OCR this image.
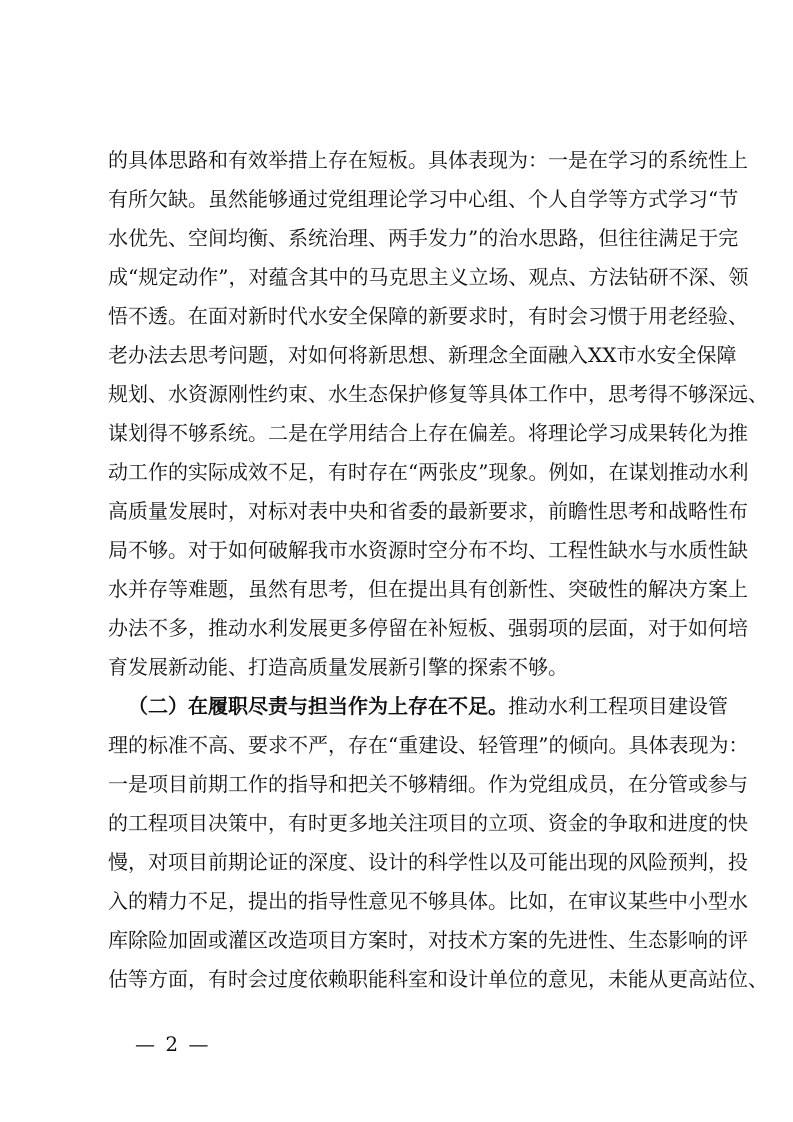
的具体思路和有效举措上存在短板。具体表现为：一是在学习的系统性上
有所欠缺。虽然能够通过党组理论学习中心组、个人自学等方式学习“节
水优先、空间均衡、系统治理、两手发力”的治水思路，但往往满足于完
成“规定动作”，对蕴含其中的马克思主义立场、观点、方法钻研不深、领
悟不透。在面对新时代水安全保障的新要求时，有时会习惯于用老经验、
老办法去思考问题，对如何将新思想、新理念全面融入XX市水安全保障
规划、水资源刚性约束、水生态保护修复等具体工作中，思考得不够深远、
谋划得不够系统。二是在学用结合上存在偏差。将理论学习成果转化为推
动工作的实际成效不足，有时存在“两张皮”现象。例如，在谋划推动水利
高质量发展时，对标对表中央和省委的最新要求，前瞻性思考和战略性布
局不够。对于如何破解我市水资源时空分布不均、工程性缺水与水质性缺
水并存等难题，虽然有思考，但在提出具有创新性、突破性的解决方案上
办法不多，推动水利发展更多停留在补短板、强弱项的层面，对于如何培
育发展新动能、打造高质量发展新引擎的探索不够。
（二）在履职尽责与担当作为上存在不足。推动水利工程项目建设管
理的标准不高、要求不严，存在“重建设、轻管理”的倾向。具体表现为：
一是项目前期工作的指导和把关不够精细。作为党组成员，在分管或参与
的工程项目决策中，有时更多地关注项目的立项、资金的争取和进度的快
慢，对项目前期论证的深度、设计的科学性以及可能出现的风险预判，投
入的精力不足，提出的指导性意见不够具体。比如，在审议某些中小型水
库除险加固或灌区改造项目方案时，对技术方案的先进性、生态影响的评
估等方面，有时会过度依赖职能科室和设计单位的意见，未能从更高站位、
— 2 —
